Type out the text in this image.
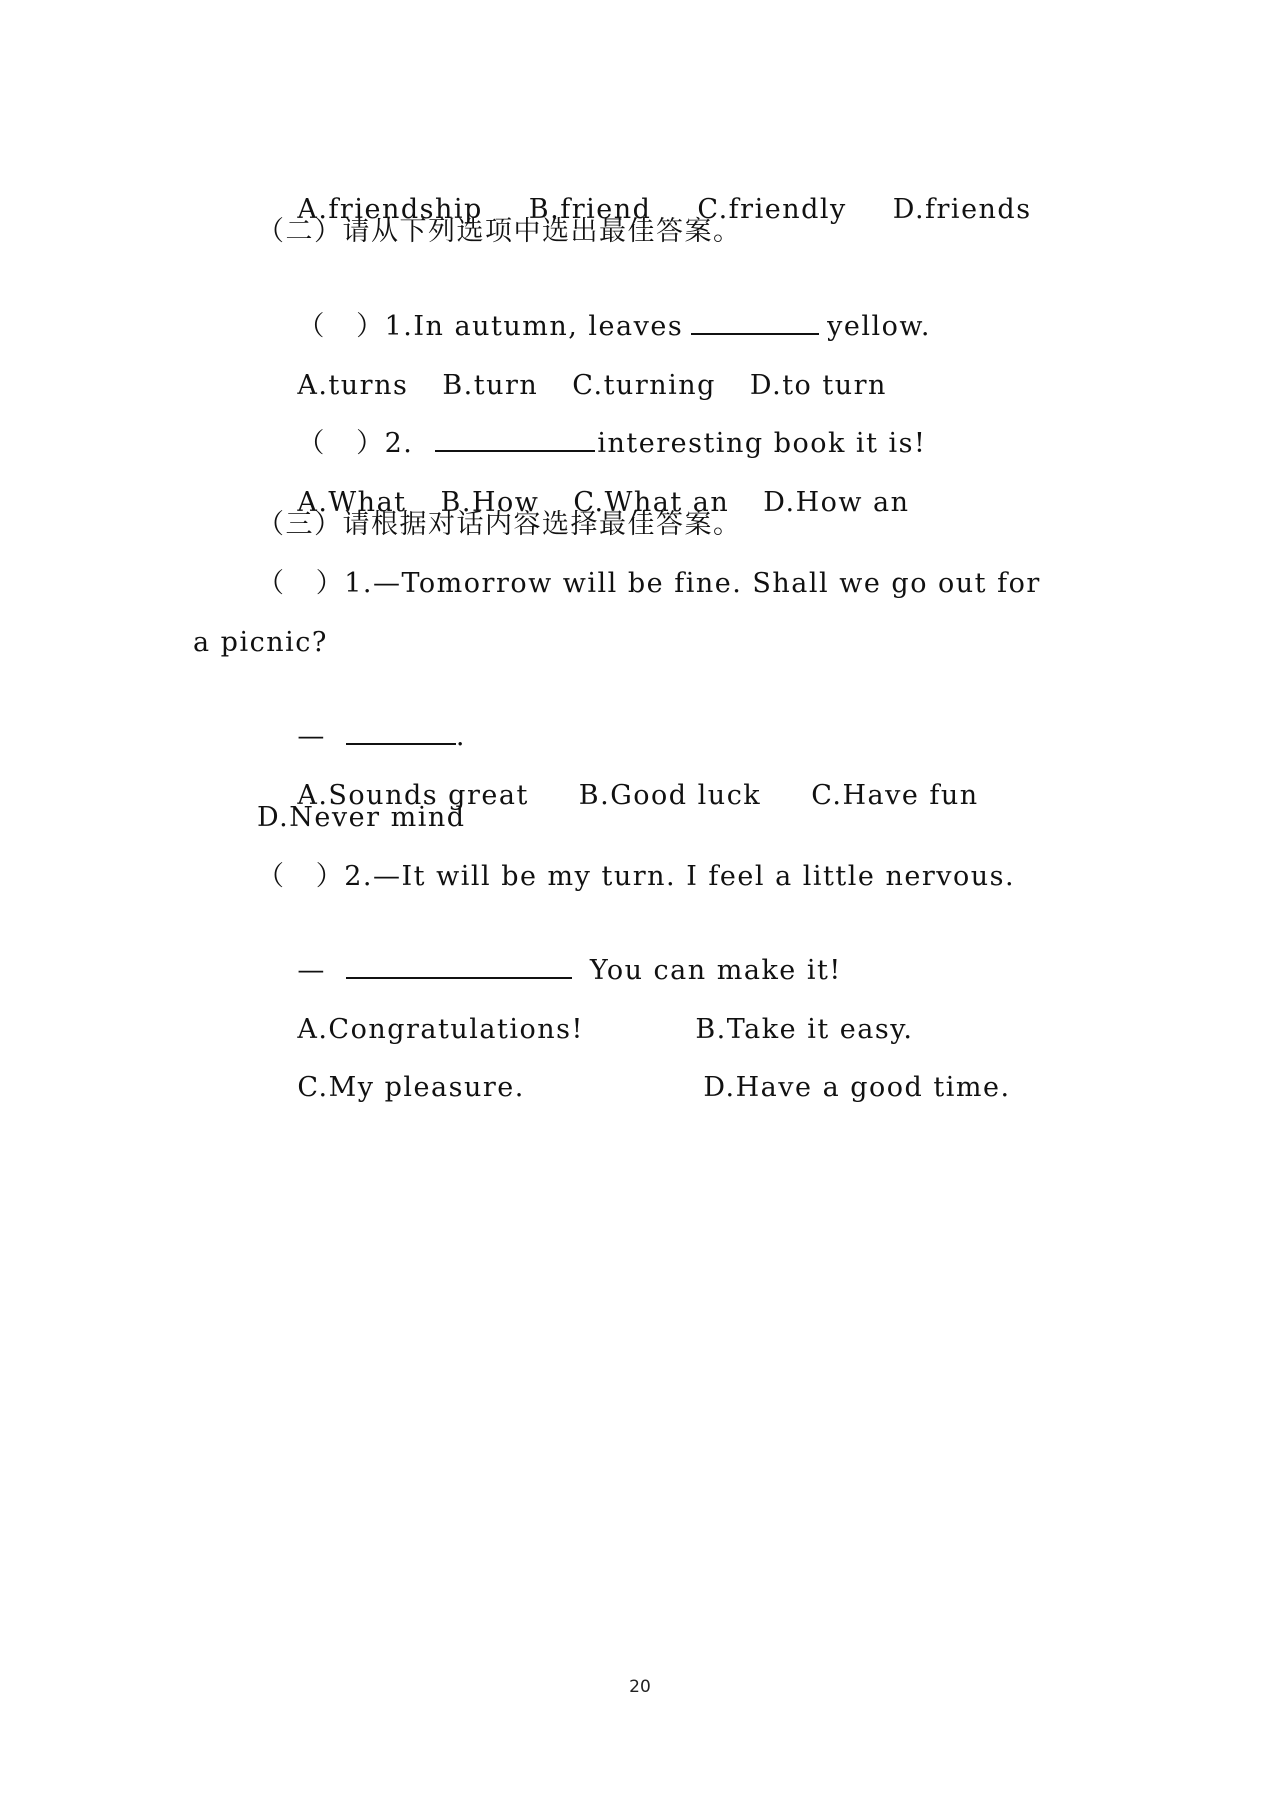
A.friendship B.friend C.friendly D.friends

（二）请从下列选项中选出最佳答案。

（   ）1.In autumn, leaves	yellow.

A.turns B.turn C.turning D.to turn

（   ）2.	interesting book it is!

A.What B.How C.What an D.How an

（三）请根据对话内容选择最佳答案。
（   ）1.—Tomorrow will be fine. Shall we go out for
a picnic?

—	.

A.Sounds great B.Good luck C.Have fun

D.Never mind
（   ）2.—It will be my turn. I feel a little nervous.

—	You can make it!

A.Congratulations!	B.Take it easy.

C.My pleasure.	D.Have a good time.

20
